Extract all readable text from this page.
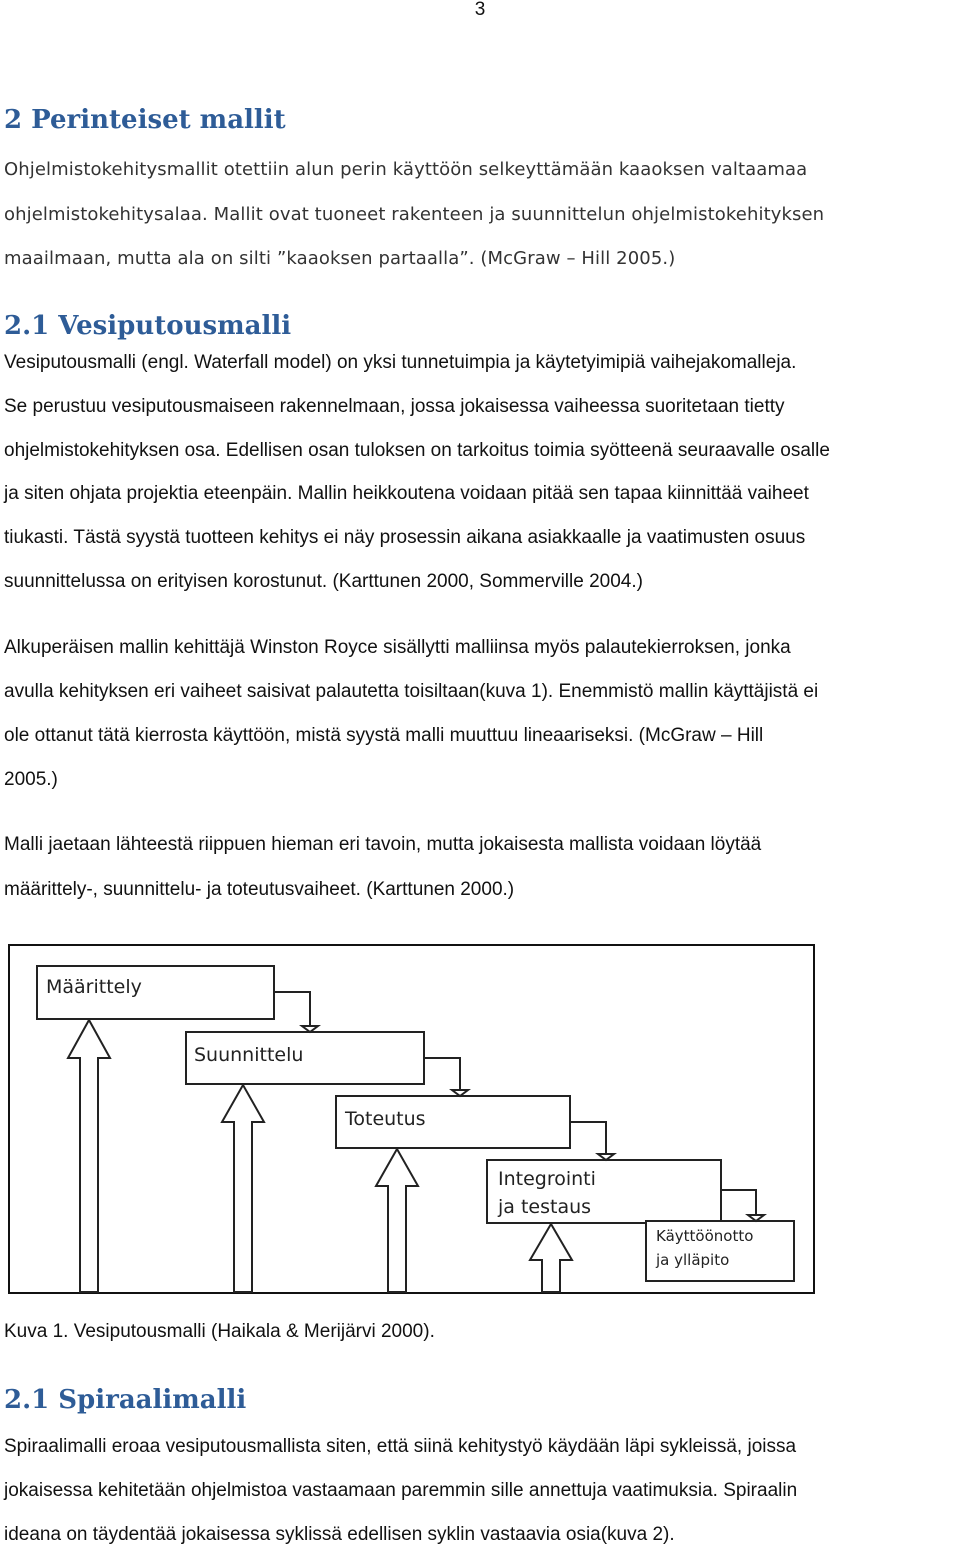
3
2 Perinteiset mallit
Ohjelmistokehitysmallit otettiin alun perin käyttöön selkeyttämään kaaoksen valtaamaa
ohjelmistokehitysalaa. Mallit ovat tuoneet rakenteen ja suunnittelun ohjelmistokehityksen
maailmaan, mutta ala on silti ”kaaoksen partaalla”. (McGraw – Hill 2005.)
2.1 Vesiputousmalli
Vesiputousmalli (engl. Waterfall model) on yksi tunnetuimpia ja käytetyimipiä vaihejakomalleja.
Se perustuu vesiputousmaiseen rakennelmaan, jossa jokaisessa vaiheessa suoritetaan tietty
ohjelmistokehityksen osa. Edellisen osan tuloksen on tarkoitus toimia syötteenä seuraavalle osalle
ja siten ohjata projektia eteenpäin. Mallin heikkoutena voidaan pitää sen tapaa kiinnittää vaiheet
tiukasti. Tästä syystä tuotteen kehitys ei näy prosessin aikana asiakkaalle ja vaatimusten osuus
suunnittelussa on erityisen korostunut. (Karttunen 2000, Sommerville 2004.)
Alkuperäisen mallin kehittäjä Winston Royce sisällytti malliinsa myös palautekierroksen, jonka
avulla kehityksen eri vaiheet saisivat palautetta toisiltaan(kuva 1). Enemmistö mallin käyttäjistä ei
ole ottanut tätä kierrosta käyttöön, mistä syystä malli muuttuu lineaariseksi. (McGraw – Hill
2005.)
Malli jaetaan lähteestä riippuen hieman eri tavoin, mutta jokaisesta mallista voidaan löytää
määrittely-, suunnittelu- ja toteutusvaiheet. (Karttunen 2000.)
Määrittely
Suunnittelu
Toteutus
Integrointi
ja testaus
Käyttöönotto
ja ylläpito
Kuva 1. Vesiputousmalli (Haikala & Merijärvi 2000).
2.1 Spiraalimalli
Spiraalimalli eroaa vesiputousmallista siten, että siinä kehitystyö käydään läpi sykleissä, joissa
jokaisessa kehitetään ohjelmistoa vastaamaan paremmin sille annettuja vaatimuksia. Spiraalin
ideana on täydentää jokaisessa syklissä edellisen syklin vastaavia osia(kuva 2).
